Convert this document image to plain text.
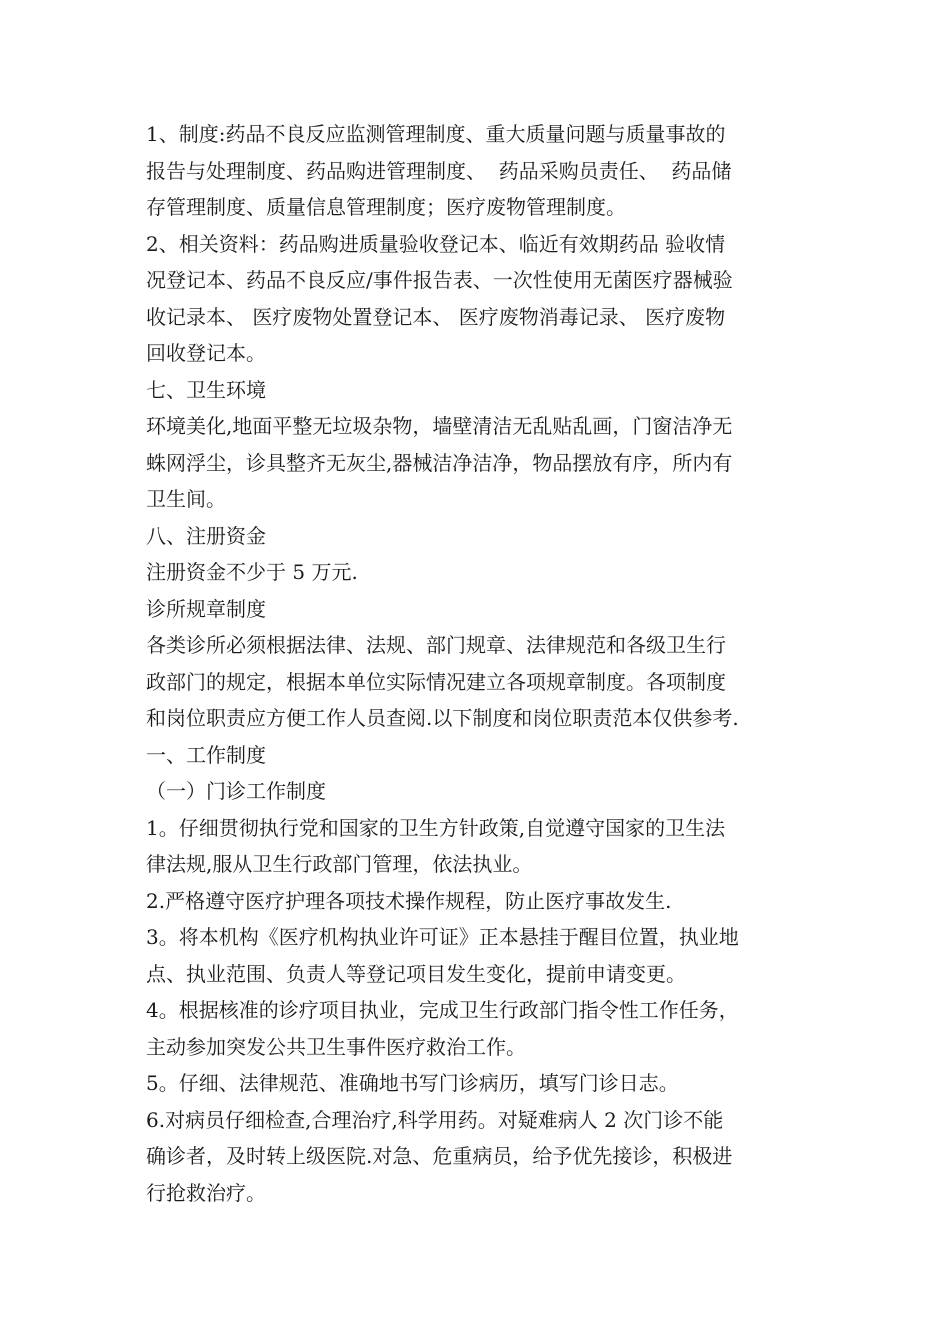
1、制度:药品不良反应监测管理制度、重大质量问题与质量事故的
报告与处理制度、药品购进管理制度、  药品采购员责任、  药品储
存管理制度、质量信息管理制度；医疗废物管理制度。
2、相关资料：药品购进质量验收登记本、临近有效期药品 验收情
况登记本、药品不良反应/事件报告表、一次性使用无菌医疗器械验
收记录本、 医疗废物处置登记本、 医疗废物消毒记录、 医疗废物
回收登记本。
七、卫生环境
环境美化,地面平整无垃圾杂物，墙壁清洁无乱贴乱画，门窗洁净无
蛛网浮尘，诊具整齐无灰尘,器械洁净洁净，物品摆放有序，所内有
卫生间。
八、注册资金
注册资金不少于 5 万元.
诊所规章制度
各类诊所必须根据法律、法规、部门规章、法律规范和各级卫生行
政部门的规定，根据本单位实际情况建立各项规章制度。各项制度
和岗位职责应方便工作人员查阅.以下制度和岗位职责范本仅供参考.
一、工作制度
（一）门诊工作制度
1。仔细贯彻执行党和国家的卫生方针政策,自觉遵守国家的卫生法
律法规,服从卫生行政部门管理，依法执业。
2.严格遵守医疗护理各项技术操作规程，防止医疗事故发生.
3。将本机构《医疗机构执业许可证》正本悬挂于醒目位置，执业地
点、执业范围、负责人等登记项目发生变化，提前申请变更。
4。根据核准的诊疗项目执业，完成卫生行政部门指令性工作任务，
主动参加突发公共卫生事件医疗救治工作。
5。仔细、法律规范、准确地书写门诊病历，填写门诊日志。
6.对病员仔细检查,合理治疗,科学用药。对疑难病人 2 次门诊不能
确诊者，及时转上级医院.对急、危重病员，给予优先接诊，积极进
行抢救治疗。
